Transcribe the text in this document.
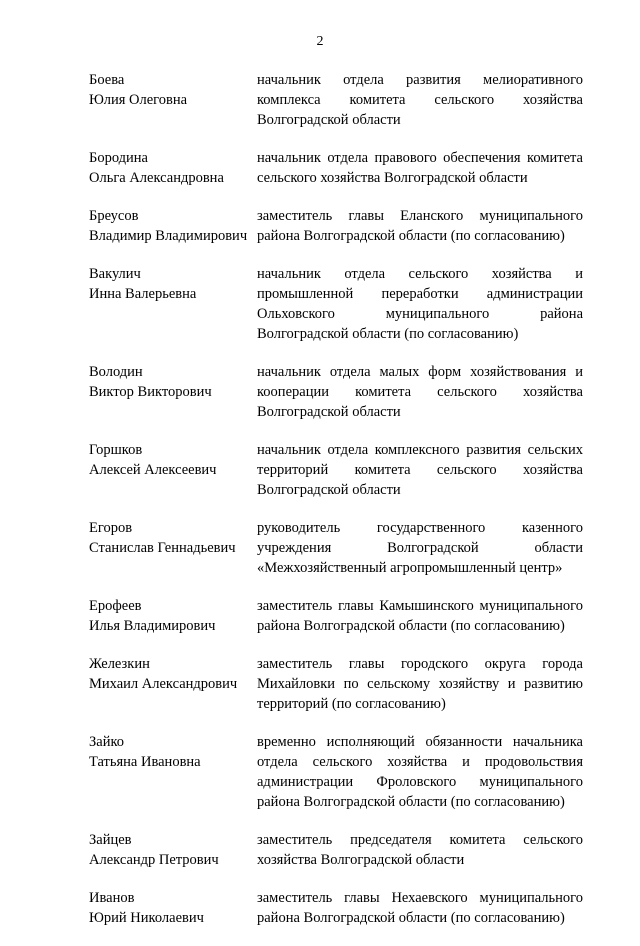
2
Боева
Юлия Олеговна
начальник отдела развития мелиоративного комплекса комитета сельского хозяйства Волгоградской области
Бородина
Ольга Александровна
начальник отдела правового обеспечения комитета сельского хозяйства Волгоградской области
Бреусов
Владимир Владимирович
заместитель главы Еланского муниципального района Волгоградской области (по согласованию)
Вакулич
Инна Валерьевна
начальник отдела сельского хозяйства и промышленной переработки администрации Ольховского муниципального района Волгоградской области (по согласованию)
Володин
Виктор Викторович
начальник отдела малых форм хозяйствования и кооперации комитета сельского хозяйства Волгоградской области
Горшков
Алексей Алексеевич
начальник отдела комплексного развития сельских территорий комитета сельского хозяйства Волгоградской области
Егоров
Станислав Геннадьевич
руководитель государственного казенного учреждения Волгоградской области «Межхозяйственный агропромышленный центр»
Ерофеев
Илья Владимирович
заместитель главы Камышинского муниципального района Волгоградской области (по согласованию)
Железкин
Михаил Александрович
заместитель главы городского округа города Михайловки по сельскому хозяйству и развитию территорий (по согласованию)
Зайко
Татьяна Ивановна
временно исполняющий обязанности начальника отдела сельского хозяйства и продовольствия администрации Фроловского муниципального района Волгоградской области (по согласованию)
Зайцев
Александр Петрович
заместитель председателя комитета сельского хозяйства Волгоградской области
Иванов
Юрий Николаевич
заместитель главы Нехаевского муниципального района Волгоградской области (по согласованию)
